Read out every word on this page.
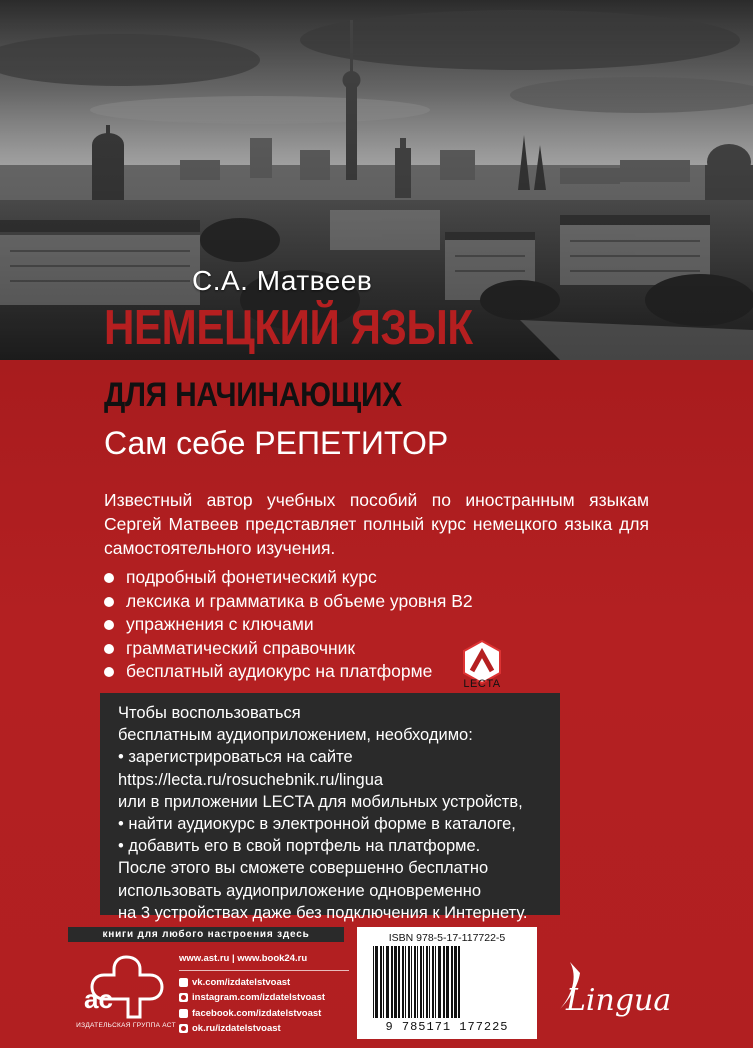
С.А. Матвеев
НЕМЕЦКИЙ ЯЗЫК
ДЛЯ НАЧИНАЮЩИХ
Сам себе РЕПЕТИТОР
Известный автор учебных пособий по иностранным языкам Сергей Матвеев представляет полный курс немецкого языка для самостоятельного изучения.
подробный фонетический курс
лексика и грамматика в объеме уровня B2
упражнения с ключами
грамматический справочник
бесплатный аудиокурс на платформе
LECTA
Чтобы воспользоваться
бесплатным аудиоприложением, необходимо:
• зарегистрироваться на сайте
https://lecta.ru/rosuchebnik.ru/lingua
или в приложении LECTA для мобильных устройств,
• найти аудиокурс в электронной форме в каталоге,
• добавить его в свой портфель на платформе.
После этого вы сможете совершенно бесплатно
использовать аудиоприложение одновременно
на 3 устройствах даже без подключения к Интернету.
книги для любого настроения здесь
ac
ИЗДАТЕЛЬСКАЯ ГРУППА АСТ
www.ast.ru | www.book24.ru
vk.com/izdatelstvoast
instagram.com/izdatelstvoast
facebook.com/izdatelstvoast
ok.ru/izdatelstvoast
ISBN 978-5-17-117722-5
9 785171 177225
Lingua
